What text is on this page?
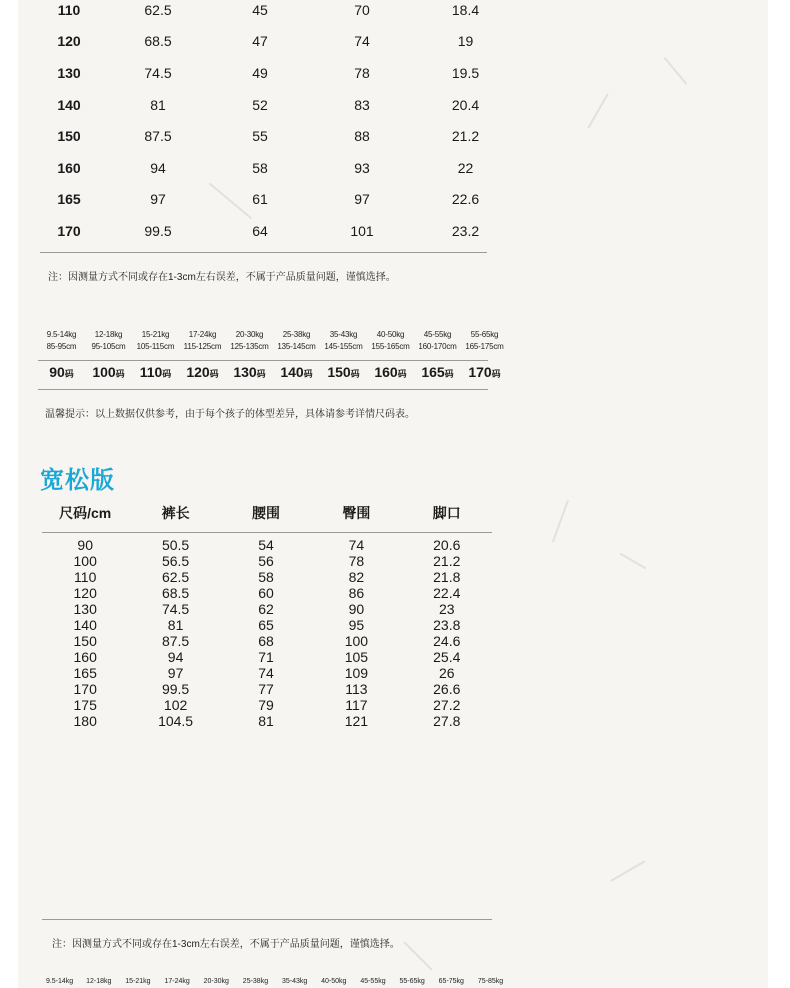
110	62.5	45	70	18.4
120	68.5	47	74	19
130	74.5	49	78	19.5
140	81	52	83	20.4
150	87.5	55	88	21.2
160	94	58	93	22
165	97	61	97	22.6
170	99.5	64	101	23.2
注：因测量方式不同或存在1-3cm左右误差，不属于产品质量问题，谨慎选择。
9.5-14kg	12-18kg	15-21kg	17-24kg	20-30kg	25-38kg	35-43kg	40-50kg	45-55kg	55-65kg
85-95cm	95-105cm	105-115cm	115-125cm	125-135cm	135-145cm	145-155cm	155-165cm	160-170cm	165-175cm
90码	100码	110码	120码	130码	140码	150码	160码	165码	170码
温馨提示：以上数据仅供参考，由于每个孩子的体型差异，具体请参考详情尺码表。
宽松版
尺码/cm	裤长	腰围	臀围	脚口
90	50.5	54	74	20.6
100	56.5	56	78	21.2
110	62.5	58	82	21.8
120	68.5	60	86	22.4
130	74.5	62	90	23
140	81	65	95	23.8
150	87.5	68	100	24.6
160	94	71	105	25.4
165	97	74	109	26
170	99.5	77	113	26.6
175	102	79	117	27.2
180	104.5	81	121	27.8
注：因测量方式不同或存在1-3cm左右误差，不属于产品质量问题，谨慎选择。
9.5-14kg	12-18kg	15-21kg	17-24kg	20-30kg	25-38kg	35-43kg	40-50kg	45-55kg	55-65kg	65-75kg	75-85kg
